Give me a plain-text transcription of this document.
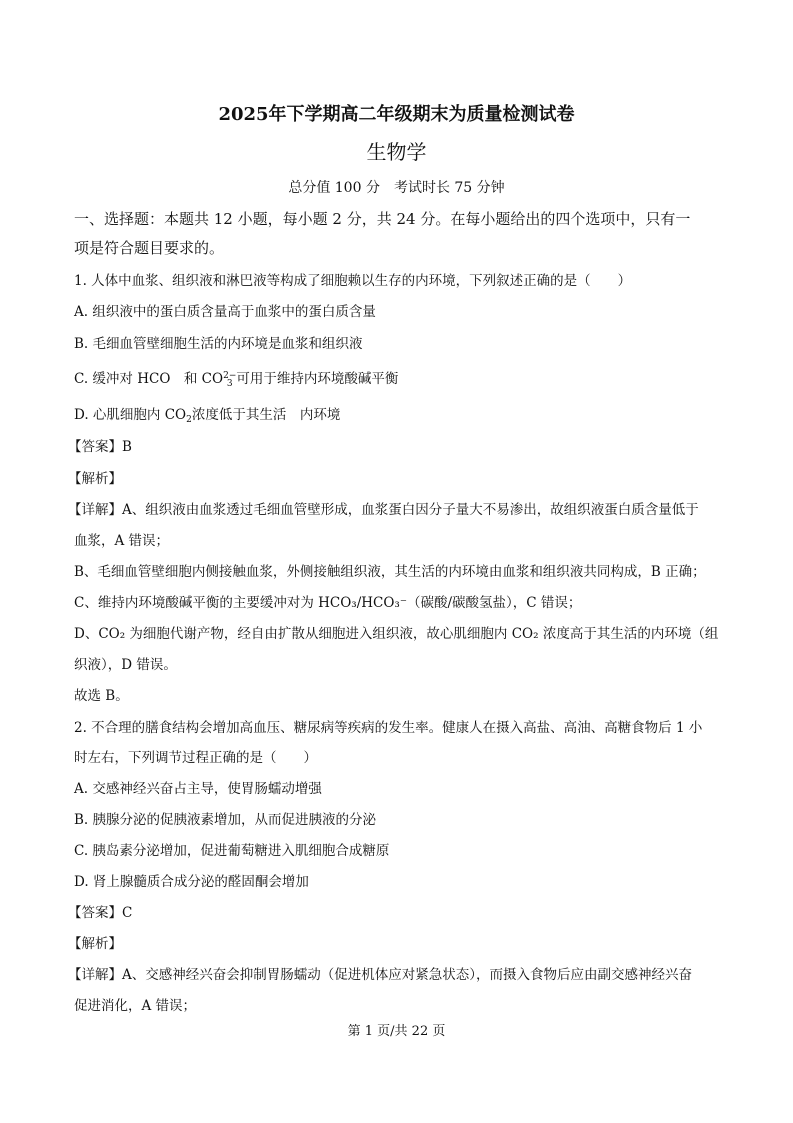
2025年下学期高二年级期末为质量检测试卷
生物学
总分值 100 分　考试时长 75 分钟
一、选择题：本题共 12 小题，每小题 2 分，共 24 分。在每小题给出的四个选项中，只有一
项是符合题目要求的。
1. 人体中血浆、组织液和淋巴液等构成了细胞赖以生存的内环境，下列叙述正确的是（　　）
A. 组织液中的蛋白质含量高于血浆中的蛋白质含量
B. 毛细血管壁细胞生活的内环境是血浆和组织液
C. 缓冲对 HCO　和 CO 2−
3 可用于维持内环境酸碱平衡
D. 心肌细胞内 $CO_2$浓度低于其生活　内环境
【答案】B
【解析】
【详解】A、组织液由血浆透过毛细血管壁形成，血浆蛋白因分子量大不易渗出，故组织液蛋白质含量低于
血浆，A 错误；
B、毛细血管壁细胞内侧接触血浆，外侧接触组织液，其生活的内环境由血浆和组织液共同构成，B 正确；
C、维持内环境酸碱平衡的主要缓冲对为 HCO₃/HCO₃⁻（碳酸/碳酸氢盐），C 错误；
D、CO₂ 为细胞代谢产物，经自由扩散从细胞进入组织液，故心肌细胞内 CO₂ 浓度高于其生活的内环境（组
织液），D 错误。
故选 B。
2. 不合理的膳食结构会增加高血压、糖尿病等疾病的发生率。健康人在摄入高盐、高油、高糖食物后 1 小
时左右，下列调节过程正确的是（　　）
A. 交感神经兴奋占主导，使胃肠蠕动增强
B. 胰腺分泌的促胰液素增加，从而促进胰液的分泌
C. 胰岛素分泌增加，促进葡萄糖进入肌细胞合成糖原
D. 肾上腺髓质合成分泌的醛固酮会增加
【答案】C
【解析】
【详解】A、交感神经兴奋会抑制胃肠蠕动（促进机体应对紧急状态），而摄入食物后应由副交感神经兴奋
促进消化，A 错误；
第 1 页/共 22 页
